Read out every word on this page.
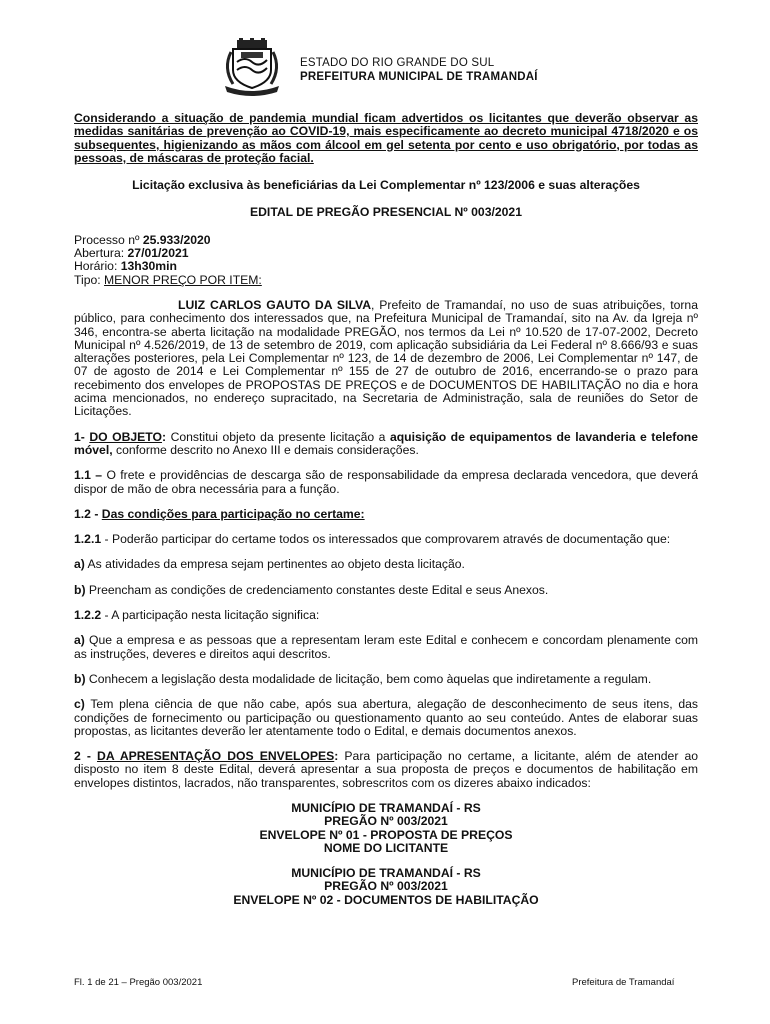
ESTADO DO RIO GRANDE DO SUL
PREFEITURA MUNICIPAL DE TRAMANDAÍ

Considerando a situação de pandemia mundial ficam advertidos os licitantes que deverão observar as medidas sanitárias de prevenção ao COVID-19, mais especificamente ao decreto municipal 4718/2020 e os subsequentes, higienizando as mãos com álcool em gel setenta por cento e uso obrigatório, por todas as pessoas, de máscaras de proteção facial.

Licitação exclusiva às beneficiárias da Lei Complementar nº 123/2006 e suas alterações

EDITAL DE PREGÃO PRESENCIAL Nº 003/2021

Processo nº 25.933/2020

Abertura: 27/01/2021

Horário: 13h30min

Tipo: MENOR PREÇO POR ITEM:

LUIZ CARLOS GAUTO DA SILVA, Prefeito de Tramandaí, no uso de suas atribuições, torna público, para conhecimento dos interessados que, na Prefeitura Municipal de Tramandaí, sito na Av. da Igreja nº 346, encontra-se aberta licitação na modalidade PREGÃO, nos termos da Lei nº 10.520 de 17-07-2002, Decreto Municipal nº 4.526/2019, de 13 de setembro de 2019, com aplicação subsidiária da Lei Federal nº 8.666/93 e suas alterações posteriores, pela Lei Complementar nº 123, de 14 de dezembro de 2006, Lei Complementar nº 147, de 07 de agosto de 2014 e Lei Complementar nº 155 de 27 de outubro de 2016, encerrando-se o prazo para recebimento dos envelopes de PROPOSTAS DE PREÇOS e de DOCUMENTOS DE HABILITAÇÃO no dia e hora acima mencionados, no endereço supracitado, na Secretaria de Administração, sala de reuniões do Setor de Licitações.

1- DO OBJETO: Constitui objeto da presente licitação a aquisição de equipamentos de lavanderia e telefone móvel, conforme descrito no Anexo III e demais considerações.

1.1 – O frete e providências de descarga são de responsabilidade da empresa declarada vencedora, que deverá dispor de mão de obra necessária para a função.

1.2 - Das condições para participação no certame:

1.2.1 - Poderão participar do certame todos os interessados que comprovarem através de documentação que:

a) As atividades da empresa sejam pertinentes ao objeto desta licitação.

b) Preencham as condições de credenciamento constantes deste Edital e seus Anexos.

1.2.2 - A participação nesta licitação significa:

a) Que a empresa e as pessoas que a representam leram este Edital e conhecem e concordam plenamente com as instruções, deveres e direitos aqui descritos.

b) Conhecem a legislação desta modalidade de licitação, bem como àquelas que indiretamente a regulam.

c) Tem plena ciência de que não cabe, após sua abertura, alegação de desconhecimento de seus itens, das condições de fornecimento ou participação ou questionamento quanto ao seu conteúdo. Antes de elaborar suas propostas, as licitantes deverão ler atentamente todo o Edital, e demais documentos anexos.

2 - DA APRESENTAÇÃO DOS ENVELOPES: Para participação no certame, a licitante, além de atender ao disposto no item 8 deste Edital, deverá apresentar a sua proposta de preços e documentos de habilitação em envelopes distintos, lacrados, não transparentes, sobrescritos com os dizeres abaixo indicados:

MUNICÍPIO DE TRAMANDAÍ - RS

PREGÃO Nº 003/2021

ENVELOPE Nº 01 - PROPOSTA DE PREÇOS

NOME DO LICITANTE

MUNICÍPIO DE TRAMANDAÍ - RS

PREGÃO Nº 003/2021

ENVELOPE Nº 02 - DOCUMENTOS DE HABILITAÇÃO

Fl. 1 de 21 – Pregão 003/2021	Prefeitura de Tramandaí
